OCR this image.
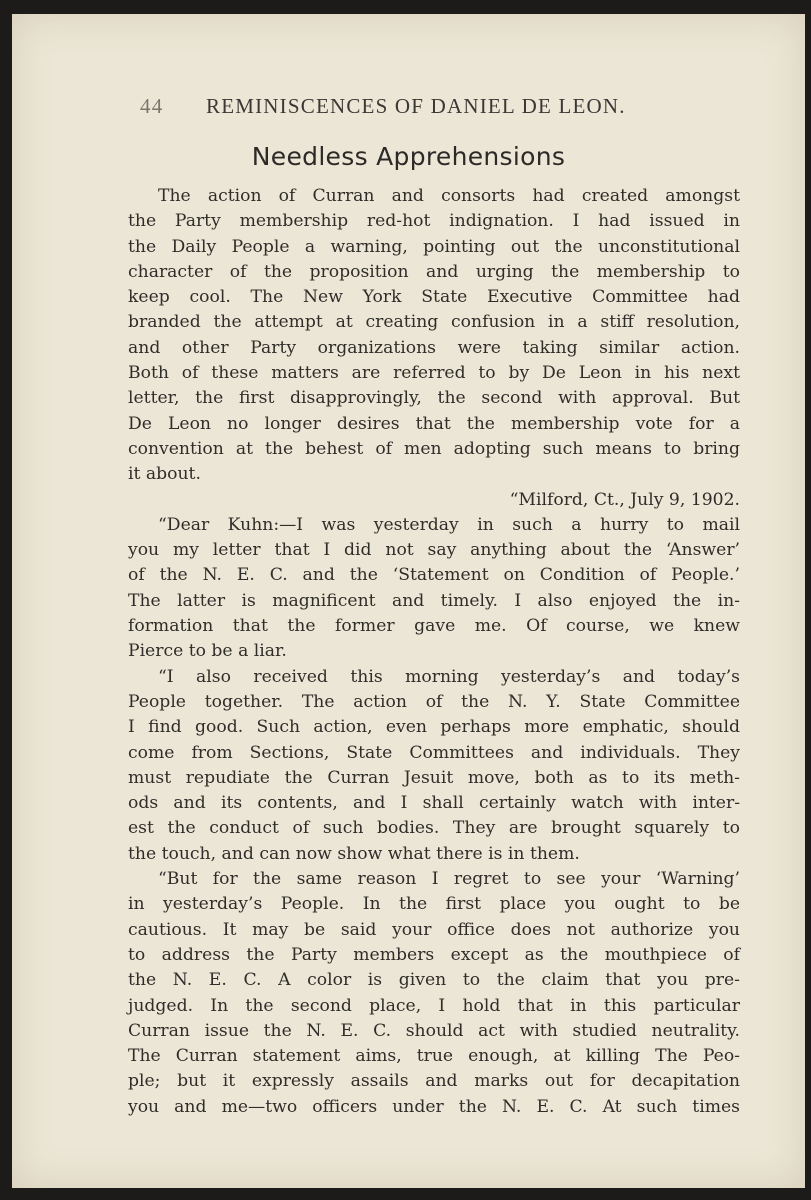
44 REMINISCENCES OF DANIEL DE LEON.
Needless Apprehensions
The action of Curran and consorts had created amongst
the Party membership red-hot indignation. I had issued in
the Daily People a warning, pointing out the unconstitutional
character of the proposition and urging the membership to
keep cool. The New York State Executive Committee had
branded the attempt at creating confusion in a stiff resolution,
and other Party organizations were taking similar action.
Both of these matters are referred to by De Leon in his next
letter, the first disapprovingly, the second with approval. But
De Leon no longer desires that the membership vote for a
convention at the behest of men adopting such means to bring
it about.
“Milford, Ct., July 9, 1902.
“Dear Kuhn:—I was yesterday in such a hurry to mail
you my letter that I did not say anything about the ‘Answer’
of the N. E. C. and the ‘Statement on Condition of People.’
The latter is magnificent and timely. I also enjoyed the in-
formation that the former gave me. Of course, we knew
Pierce to be a liar.
“I also received this morning yesterday’s and today’s
People together. The action of the N. Y. State Committee
I find good. Such action, even perhaps more emphatic, should
come from Sections, State Committees and individuals. They
must repudiate the Curran Jesuit move, both as to its meth-
ods and its contents, and I shall certainly watch with inter-
est the conduct of such bodies. They are brought squarely to
the touch, and can now show what there is in them.
“But for the same reason I regret to see your ‘Warning’
in yesterday’s People. In the first place you ought to be
cautious. It may be said your office does not authorize you
to address the Party members except as the mouthpiece of
the N. E. C. A color is given to the claim that you pre-
judged. In the second place, I hold that in this particular
Curran issue the N. E. C. should act with studied neutrality.
The Curran statement aims, true enough, at killing The Peo-
ple; but it expressly assails and marks out for decapitation
you and me—two officers under the N. E. C. At such times
